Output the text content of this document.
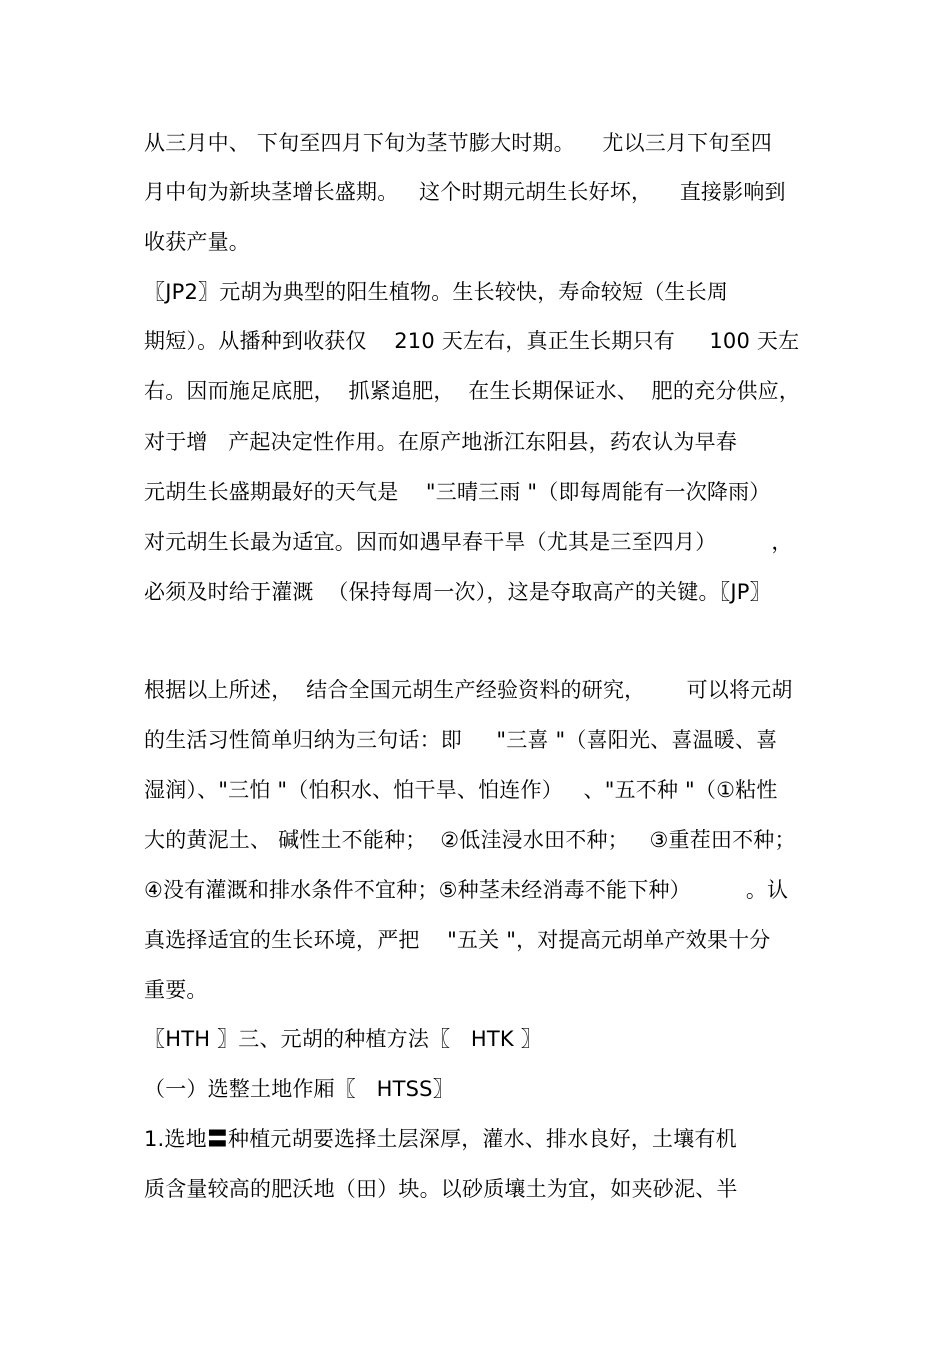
从三月中、 下旬至四月下旬为茎节膨大时期。    尤以三月下旬至四
月中旬为新块茎增长盛期。   这个时期元胡生长好坏，    直接影响到
收获产量。
〖JP2〗元胡为典型的阳生植物。生长较快，寿命较短（生长周
期短）。从播种到收获仅    210 天左右，真正生长期只有     100 天左
右。因而施足底肥，  抓紧追肥，  在生长期保证水、  肥的充分供应，
对于增   产起决定性作用。在原产地浙江东阳县，药农认为早春
元胡生长盛期最好的天气是    "三晴三雨 "（即每周能有一次降雨）
对元胡生长最为适宜。因而如遇早春干旱（尤其是三至四月）        ，
必须及时给于灌溉  （保持每周一次），这是夺取高产的关键。〖JP〗
根据以上所述，  结合全国元胡生产经验资料的研究，      可以将元胡
的生活习性简单归纳为三句话：即     "三喜 "（喜阳光、喜温暖、喜
湿润）、"三怕 "（怕积水、怕干旱、怕连作）   、"五不种 "（①粘性
大的黄泥土、 碱性土不能种；  ②低洼浸水田不种；   ③重茬田不种；
④没有灌溉和排水条件不宜种；⑤种茎未经消毒不能下种）        。认
真选择适宜的生长环境，严把    "五关 "，对提高元胡单产效果十分
重要。
〖HTH 〗三、元胡的种植方法〖   HTK 〗
（一）选整土地作厢〖   HTSS〗
1.选地〓种植元胡要选择土层深厚，灌水、排水良好，土壤有机
质含量较高的肥沃地（田）块。以砂质壤土为宜，如夹砂泥、半
